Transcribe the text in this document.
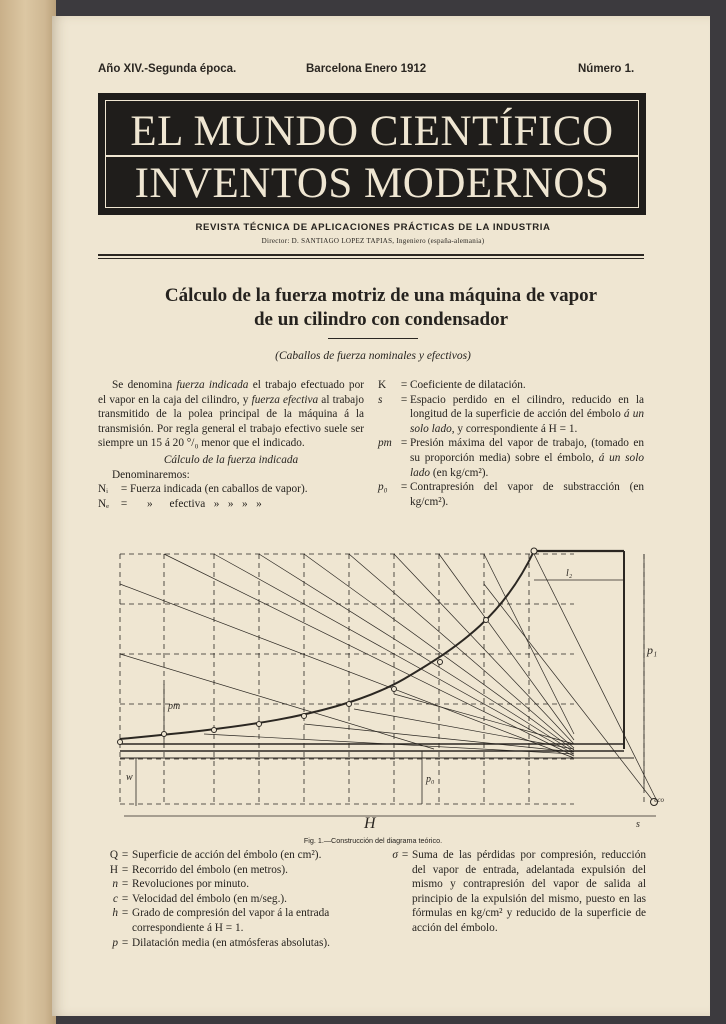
Año XIV.-Segunda época.	Barcelona Enero 1912	Número 1.
EL MUNDO CIENTÍFICO
INVENTOS MODERNOS
REVISTA TÉCNICA DE APLICACIONES PRÁCTICAS DE LA INDUSTRIA
Director: D. SANTIAGO LOPEZ TAPIAS, Ingeniero (españa-alemania)
Cálculo de la fuerza motriz de una máquina de vapor
de un cilindro con condensador
(Caballos de fuerza nominales y efectivos)

Se denomina fuerza indicada el trabajo efectuado por el vapor en la caja del cilindro, y fuerza efectiva al trabajo transmitido de la polea principal de la máquina á la transmisión. Por regla general el trabajo efectivo suele ser siempre un 15 á 20 °/₀ menor que el indicado.

Cálculo de la fuerza indicada

Denominaremos:

Nᵢ	= Fuerza indicada (en caballos de vapor).
Nₑ	= »      efectiva   »   »   »   »
K	= Coeficiente de dilatación.
s	= Espacio perdido en el cilindro, reducido en la longitud de la superficie de acción del émbolo á un solo lado, y correspondiente á H = 1.
pm = Presión máxima del vapor de trabajo, (tomado en su proporción media) sobre el émbolo, á un solo lado (en kg/cm²).
p₀	= Contrapresión del vapor de substracción (en kg/cm²).
H	s
pm
p₀
w
p₁
l₂
eco
Fig. 1.—Construcción del diagrama teórico.
Q = Superficie de acción del émbolo (en cm²).
H = Recorrido del émbolo (en metros).
n = Revoluciones por minuto.
c = Velocidad del émbolo (en m/seg.).
h = Grado de compresión del vapor á la entrada correspondiente á H = 1.
p = Dilatación media (en atmósferas absolutas).
σ = Suma de las pérdidas por compresión, reducción del vapor de entrada, adelantada expulsión del mismo y contrapresión del vapor de salida al principio de la expulsión del mismo, puesto en las fórmulas en kg/cm² y reducido de la superficie de acción del émbolo.
